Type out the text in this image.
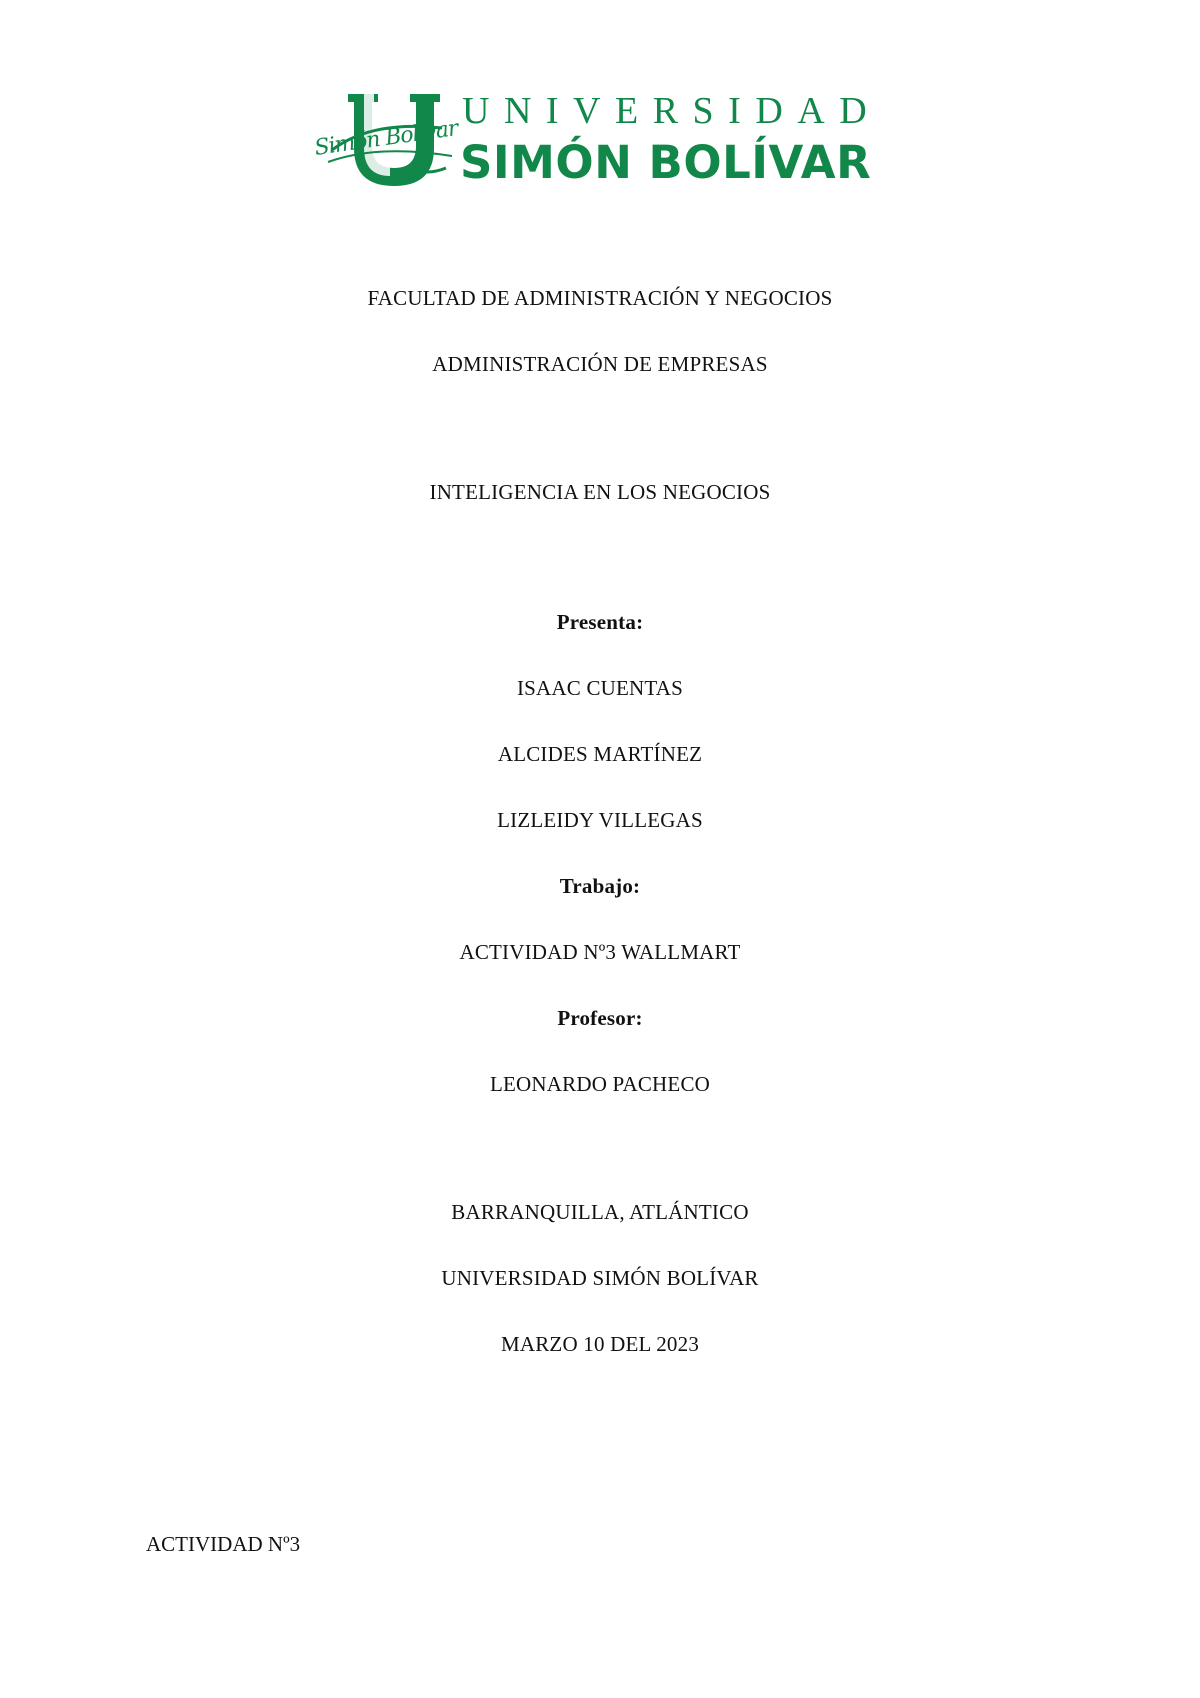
Simón Bolívar
UNIVERSIDAD
SIMÓN BOLÍVAR
FACULTAD DE ADMINISTRACIÓN Y NEGOCIOS
ADMINISTRACIÓN DE EMPRESAS
INTELIGENCIA EN LOS NEGOCIOS
Presenta:
ISAAC CUENTAS
ALCIDES MARTÍNEZ
LIZLEIDY VILLEGAS
Trabajo:
ACTIVIDAD Nº3 WALLMART
Profesor:
LEONARDO PACHECO
BARRANQUILLA, ATLÁNTICO
UNIVERSIDAD SIMÓN BOLÍVAR
MARZO 10 DEL 2023
ACTIVIDAD Nº3
